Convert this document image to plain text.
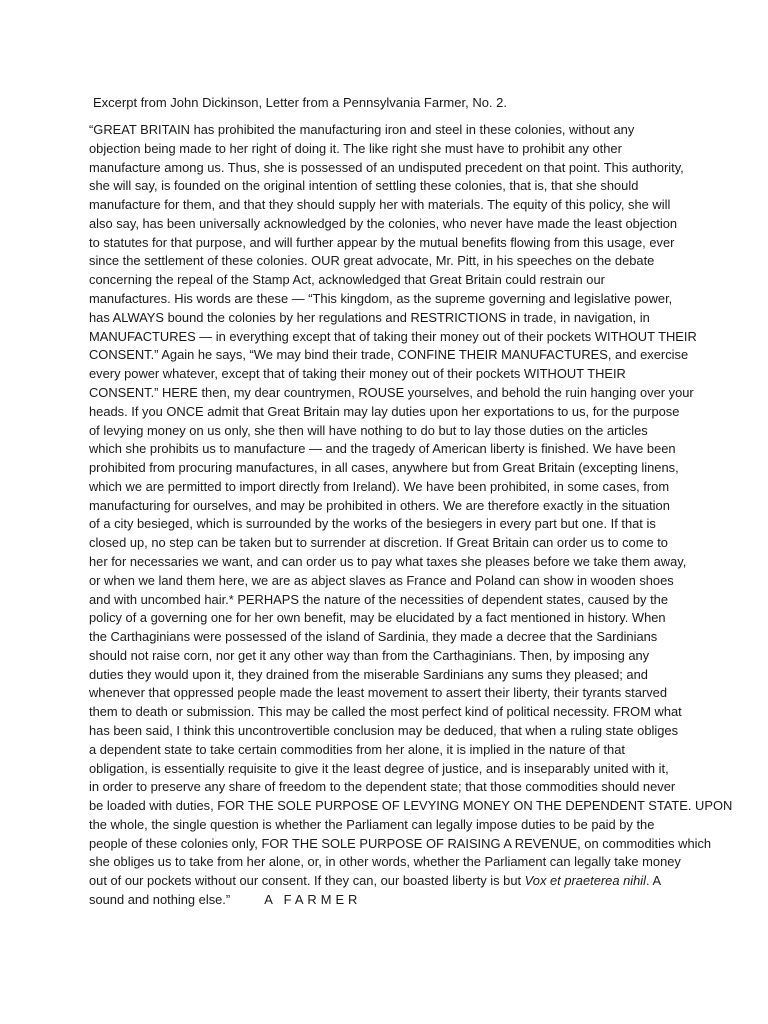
Excerpt from John Dickinson, Letter from a Pennsylvania Farmer, No. 2.
“GREAT BRITAIN has prohibited the manufacturing iron and steel in these colonies, without any
objection being made to her right of doing it. The like right she must have to prohibit any other
manufacture among us. Thus, she is possessed of an undisputed precedent on that point. This authority,
she will say, is founded on the original intention of settling these colonies, that is, that she should
manufacture for them, and that they should supply her with materials. The equity of this policy, she will
also say, has been universally acknowledged by the colonies, who never have made the least objection
to statutes for that purpose, and will further appear by the mutual benefits flowing from this usage, ever
since the settlement of these colonies. OUR great advocate, Mr. Pitt, in his speeches on the debate
concerning the repeal of the Stamp Act, acknowledged that Great Britain could restrain our
manufactures. His words are these — “This kingdom, as the supreme governing and legislative power,
has ALWAYS bound the colonies by her regulations and RESTRICTIONS in trade, in navigation, in
MANUFACTURES — in everything except that of taking their money out of their pockets WITHOUT THEIR
CONSENT.” Again he says, “We may bind their trade, CONFINE THEIR MANUFACTURES, and exercise
every power whatever, except that of taking their money out of their pockets WITHOUT THEIR
CONSENT.” HERE then, my dear countrymen, ROUSE yourselves, and behold the ruin hanging over your
heads. If you ONCE admit that Great Britain may lay duties upon her exportations to us, for the purpose
of levying money on us only, she then will have nothing to do but to lay those duties on the articles
which she prohibits us to manufacture — and the tragedy of American liberty is finished. We have been
prohibited from procuring manufactures, in all cases, anywhere but from Great Britain (excepting linens,
which we are permitted to import directly from Ireland). We have been prohibited, in some cases, from
manufacturing for ourselves, and may be prohibited in others. We are therefore exactly in the situation
of a city besieged, which is surrounded by the works of the besiegers in every part but one. If that is
closed up, no step can be taken but to surrender at discretion. If Great Britain can order us to come to
her for necessaries we want, and can order us to pay what taxes she pleases before we take them away,
or when we land them here, we are as abject slaves as France and Poland can show in wooden shoes
and with uncombed hair.* PERHAPS the nature of the necessities of dependent states, caused by the
policy of a governing one for her own benefit, may be elucidated by a fact mentioned in history. When
the Carthaginians were possessed of the island of Sardinia, they made a decree that the Sardinians
should not raise corn, nor get it any other way than from the Carthaginians. Then, by imposing any
duties they would upon it, they drained from the miserable Sardinians any sums they pleased; and
whenever that oppressed people made the least movement to assert their liberty, their tyrants starved
them to death or submission. This may be called the most perfect kind of political necessity. FROM what
has been said, I think this uncontrovertible conclusion may be deduced, that when a ruling state obliges
a dependent state to take certain commodities from her alone, it is implied in the nature of that
obligation, is essentially requisite to give it the least degree of justice, and is inseparably united with it,
in order to preserve any share of freedom to the dependent state; that those commodities should never
be loaded with duties, FOR THE SOLE PURPOSE OF LEVYING MONEY ON THE DEPENDENT STATE. UPON
the whole, the single question is whether the Parliament can legally impose duties to be paid by the
people of these colonies only, FOR THE SOLE PURPOSE OF RAISING A REVENUE, on commodities which
she obliges us to take from her alone, or, in other words, whether the Parliament can legally take money
out of our pockets without our consent. If they can, our boasted liberty is but Vox et praeterea nihil. A
sound and nothing else.”	A FARMER
